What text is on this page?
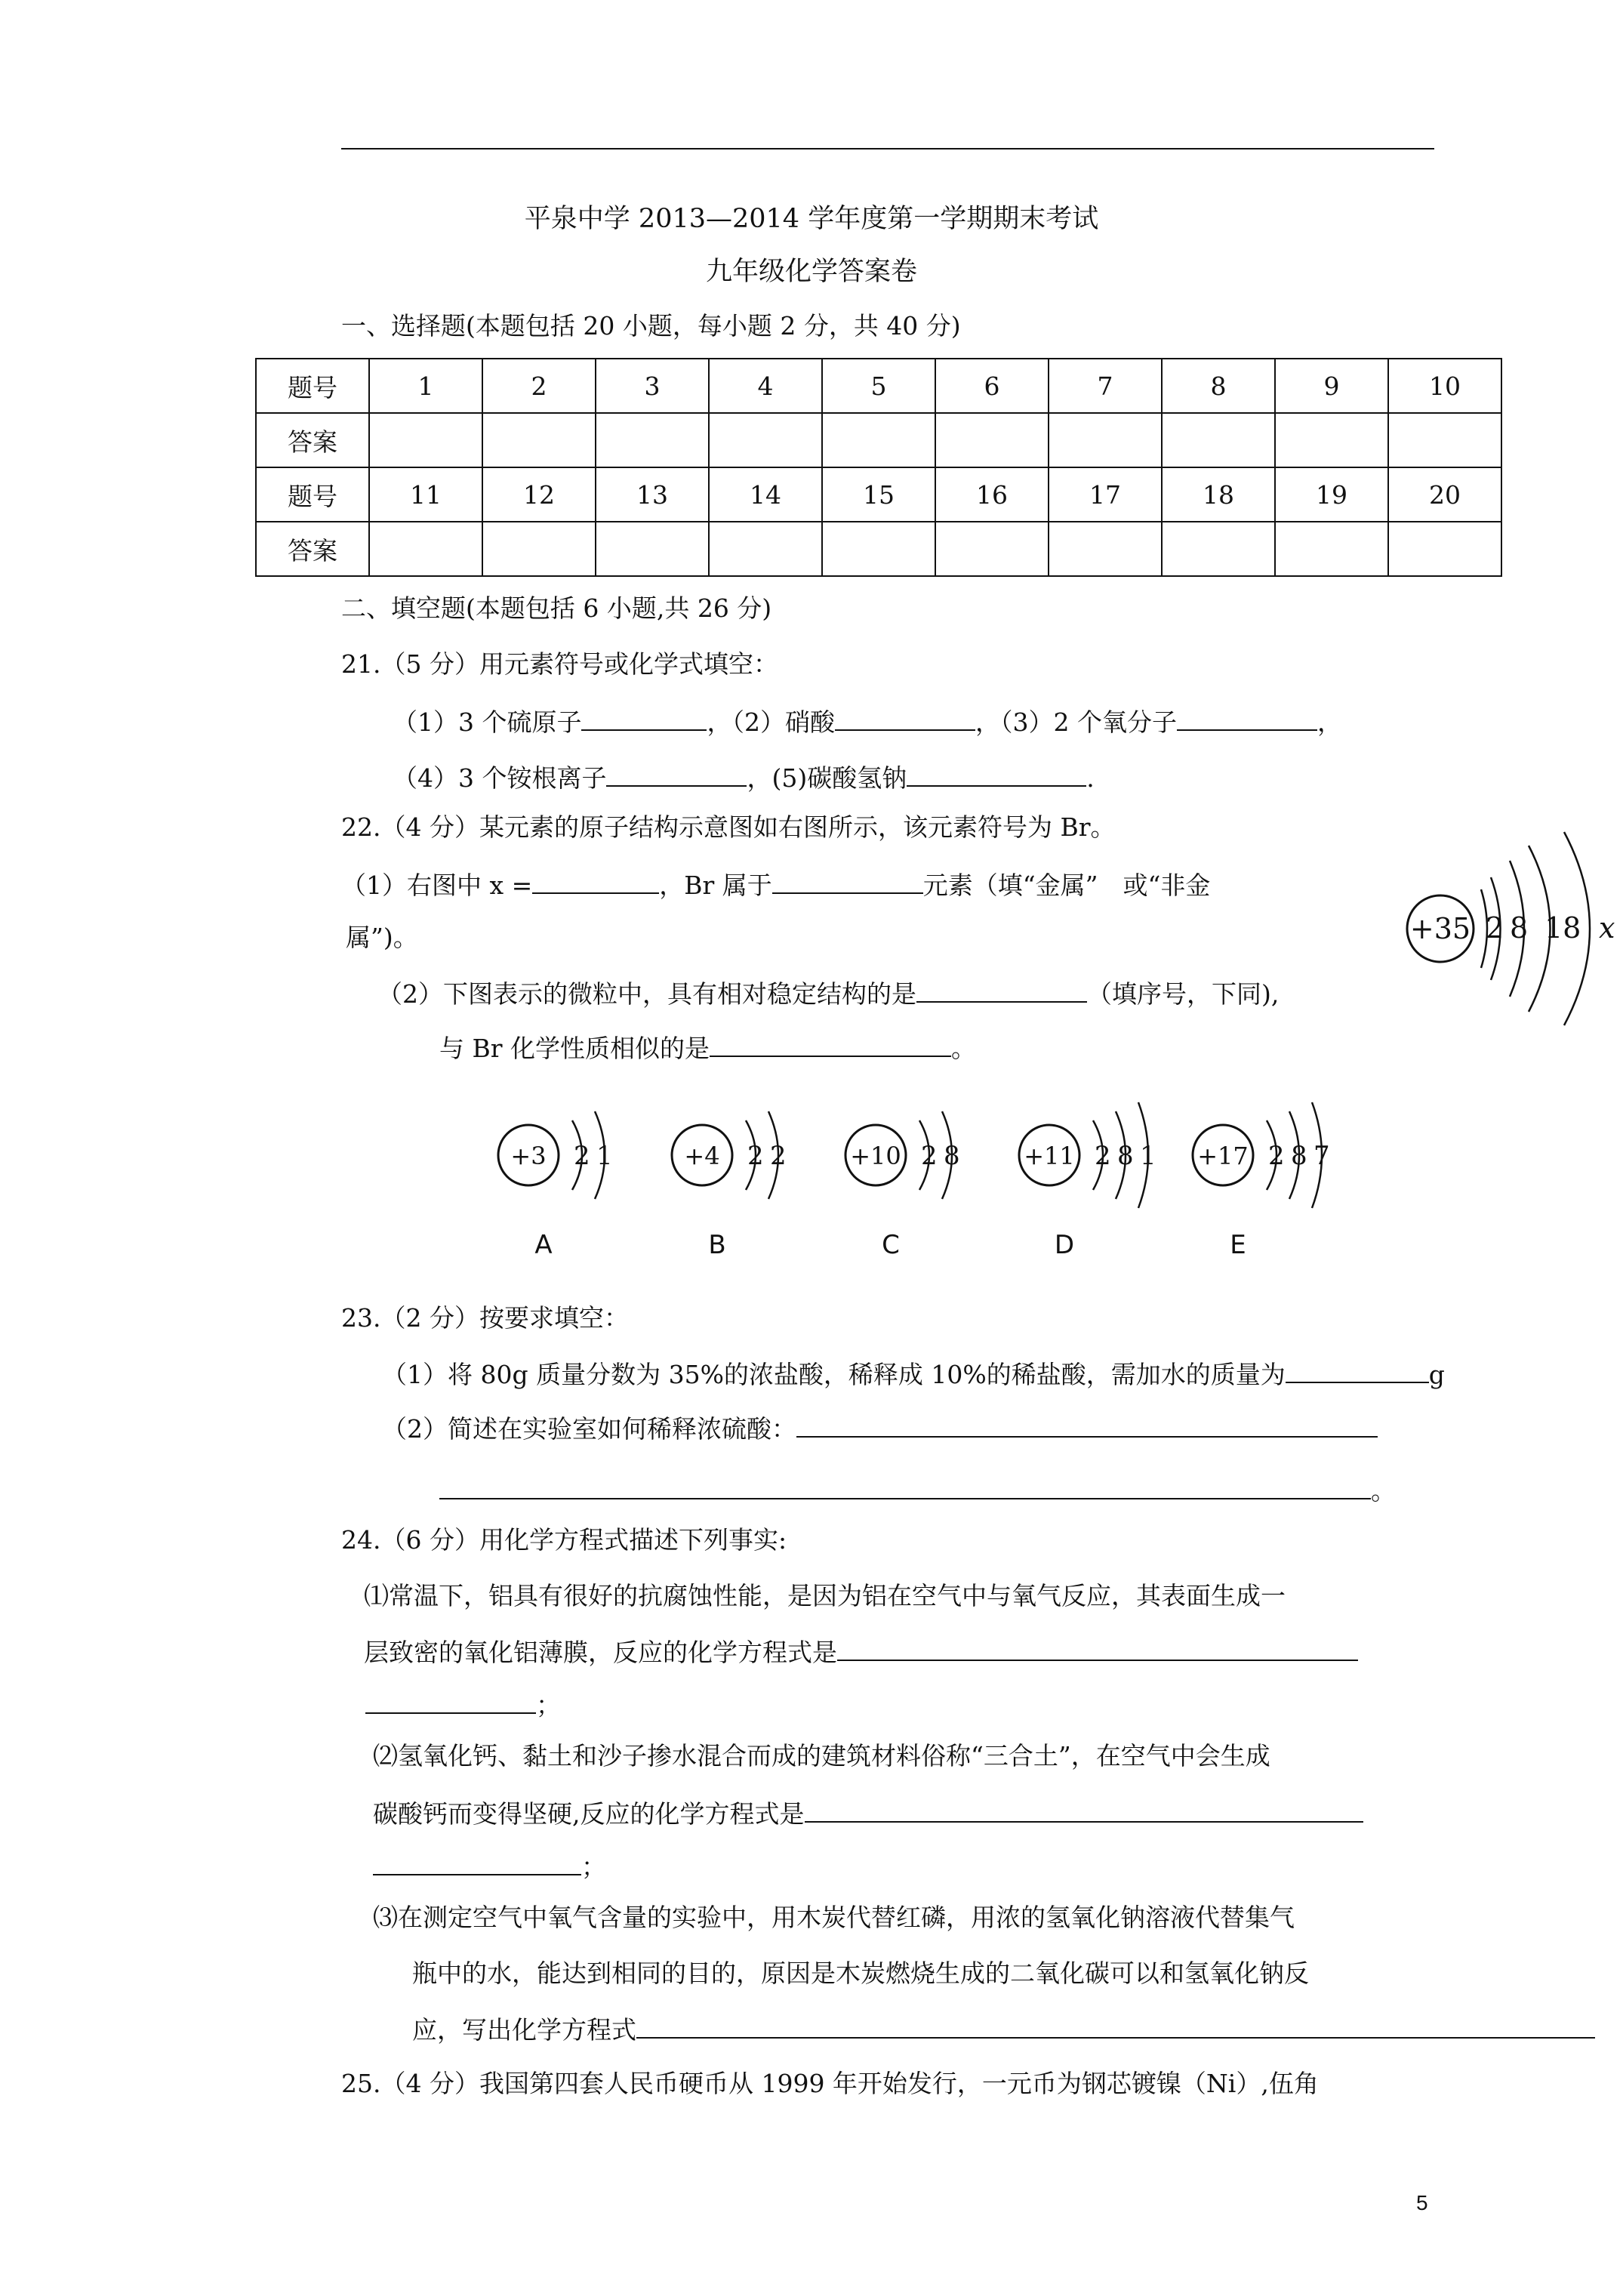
平泉中学 2013—2014 学年度第一学期期末考试
九年级化学答案卷
一、选择题(本题包括 20 小题，每小题 2 分，共 40 分)
题号	1	2	3	4	5	6	7	8	9	10
答案										
题号	11	12	13	14	15	16	17	18	19	20
答案										
二、填空题(本题包括 6 小题,共 26 分)
21.（5 分）用元素符号或化学式填空：
（1）3 个硫原子	，（2）硝酸	，（3）2 个氧分子	，
（4）3 个铵根离子	，(5)碳酸氢钠	.
22.（4 分）某元素的原子结构示意图如右图所示，该元素符号为 Br。
（1）右图中 x =	，Br 属于	元素（填“金属”　或“非金
属”)。
（2）下图表示的微粒中，具有相对稳定结构的是	（填序号，下同),
与 Br 化学性质相似的是	。
+35 2 8 18 x
+3 2 1
A
+4 2 2
B
+10 2 8
C
+11 2 8 1
D
+17 2 8 7
E
23.（2 分）按要求填空：
（1）将 80g 质量分数为 35%的浓盐酸，稀释成 10%的稀盐酸，需加水的质量为	g
（2）简述在实验室如何稀释浓硫酸：
。
24.（6 分）用化学方程式描述下列事实:
⑴常温下，铝具有很好的抗腐蚀性能，是因为铝在空气中与氧气反应，其表面生成一
层致密的氧化铝薄膜，反应的化学方程式是
；
⑵氢氧化钙、黏土和沙子掺水混合而成的建筑材料俗称“三合土”，在空气中会生成
碳酸钙而变得坚硬,反应的化学方程式是
；
⑶在测定空气中氧气含量的实验中，用木炭代替红磷，用浓的氢氧化钠溶液代替集气
瓶中的水，能达到相同的目的，原因是木炭燃烧生成的二氧化碳可以和氢氧化钠反
应，写出化学方程式
25.（4 分）我国第四套人民币硬币从 1999 年开始发行，一元币为钢芯镀镍（Ni）,伍角
5
